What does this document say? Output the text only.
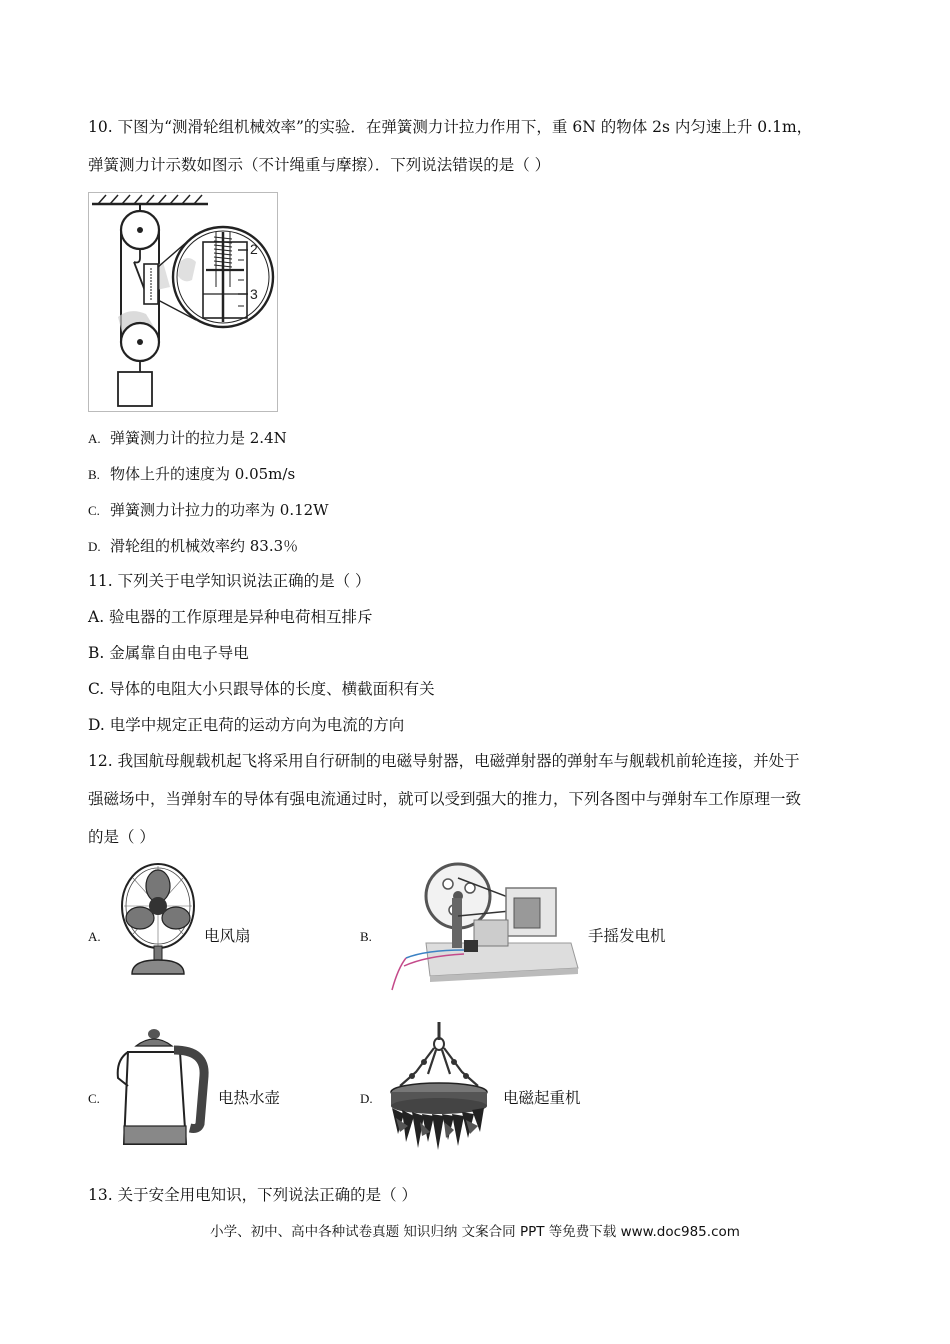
10. 下图为“测滑轮组机械效率”的实验．在弹簧测力计拉力作用下，重 6N 的物体 2s 内匀速上升 0.1m，
弹簧测力计示数如图示（不计绳重与摩擦）．下列说法错误的是（ ）
2
3
A. 弹簧测力计的拉力是 2.4N
B. 物体上升的速度为 0.05m/s
C. 弹簧测力计拉力的功率为 0.12W
D. 滑轮组的机械效率约 83.3％
11. 下列关于电学知识说法正确的是（ ）
A. 验电器的工作原理是异种电荷相互排斥
B. 金属靠自由电子导电
C. 导体的电阻大小只跟导体的长度、横截面积有关
D. 电学中规定正电荷的运动方向为电流的方向
12. 我国航母舰载机起飞将采用自行研制的电磁导射器，电磁弹射器的弹射车与舰载机前轮连接，并处于
强磁场中，当弹射车的导体有强电流通过时，就可以受到强大的推力，下列各图中与弹射车工作原理一致
的是（ ）
A.	电风扇	B.	手摇发电机
C.	电热水壶	D.	电磁起重机
13. 关于安全用电知识，下列说法正确的是（ ）
小学、初中、高中各种试卷真题 知识归纳 文案合同 PPT 等免费下载 www.doc985.com
